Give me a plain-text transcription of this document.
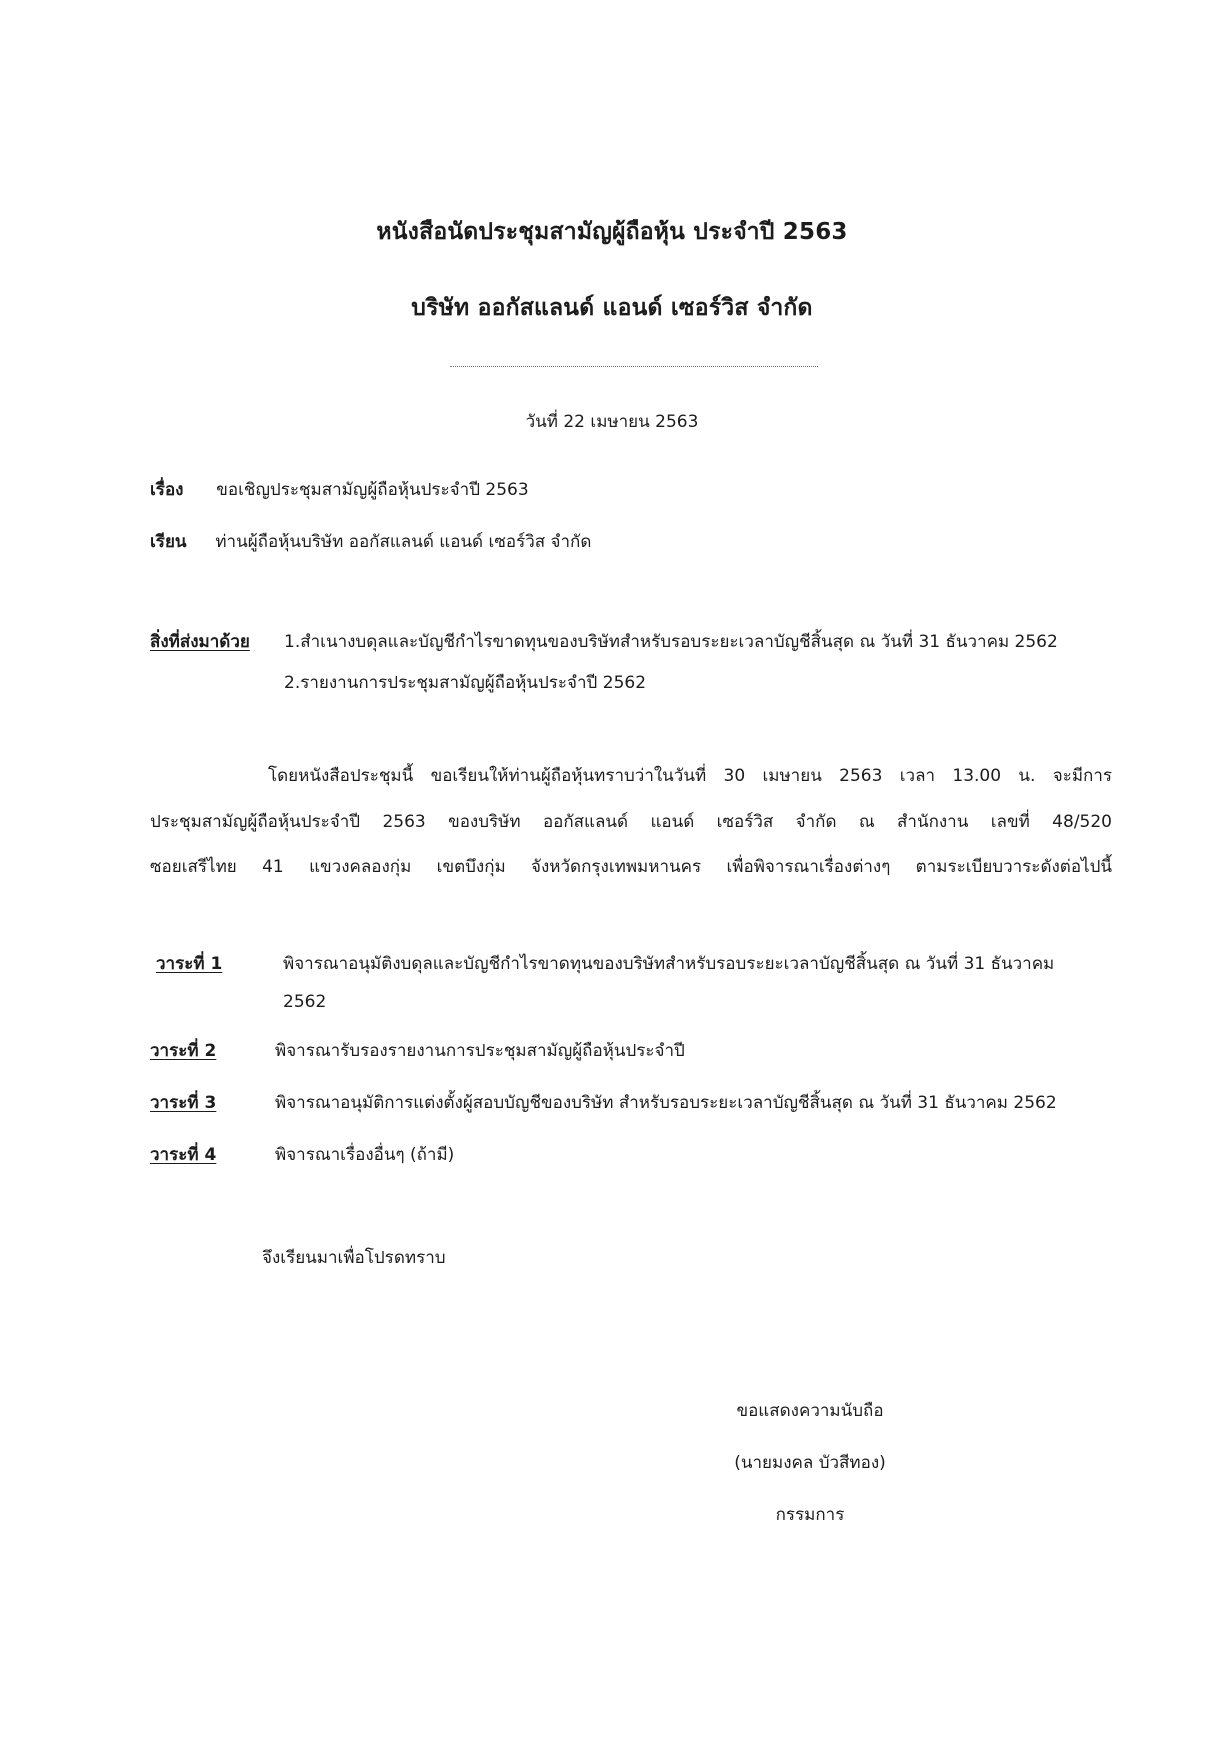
หนังสือนัดประชุมสามัญผู้ถือหุ้น ประจำปี 2563
บริษัท ออกัสแลนด์ แอนด์ เซอร์วิส จำกัด
วันที่ 22 เมษายน 2563
เรื่อง ขอเชิญประชุมสามัญผู้ถือหุ้นประจำปี 2563
เรียน ท่านผู้ถือหุ้นบริษัท ออกัสแลนด์ แอนด์ เซอร์วิส จำกัด
สิ่งที่ส่งมาด้วย 1.สำเนางบดุลและบัญชีกำไรขาดทุนของบริษัทสำหรับรอบระยะเวลาบัญชีสิ้นสุด ณ วันที่ 31 ธันวาคม 2562
2.รายงานการประชุมสามัญผู้ถือหุ้นประจำปี 2562
โดยหนังสือประชุมนี้ ขอเรียนให้ท่านผู้ถือหุ้นทราบว่าในวันที่ 30 เมษายน 2563 เวลา 13.00 น. จะมีการ
ประชุมสามัญผู้ถือหุ้นประจำปี 2563 ของบริษัท ออกัสแลนด์ แอนด์ เซอร์วิส จำกัด ณ สำนักงาน เลขที่ 48/520
ซอยเสรีไทย 41 แขวงคลองกุ่ม เขตบึงกุ่ม จังหวัดกรุงเทพมหานคร เพื่อพิจารณาเรื่องต่างๆ ตามระเบียบวาระดังต่อไปนี้
วาระที่ 1	พิจารณาอนุมัติงบดุลและบัญชีกำไรขาดทุนของบริษัทสำหรับรอบระยะเวลาบัญชีสิ้นสุด ณ วันที่ 31 ธันวาคม
2562
วาระที่ 2	พิจารณารับรองรายงานการประชุมสามัญผู้ถือหุ้นประจำปี
วาระที่ 3	พิจารณาอนุมัติการแต่งตั้งผู้สอบบัญชีของบริษัท สำหรับรอบระยะเวลาบัญชีสิ้นสุด ณ วันที่ 31 ธันวาคม 2562
วาระที่ 4	พิจารณาเรื่องอื่นๆ (ถ้ามี)
จึงเรียนมาเพื่อโปรดทราบ
ขอแสดงความนับถือ
(นายมงคล บัวสีทอง)
กรรมการ
